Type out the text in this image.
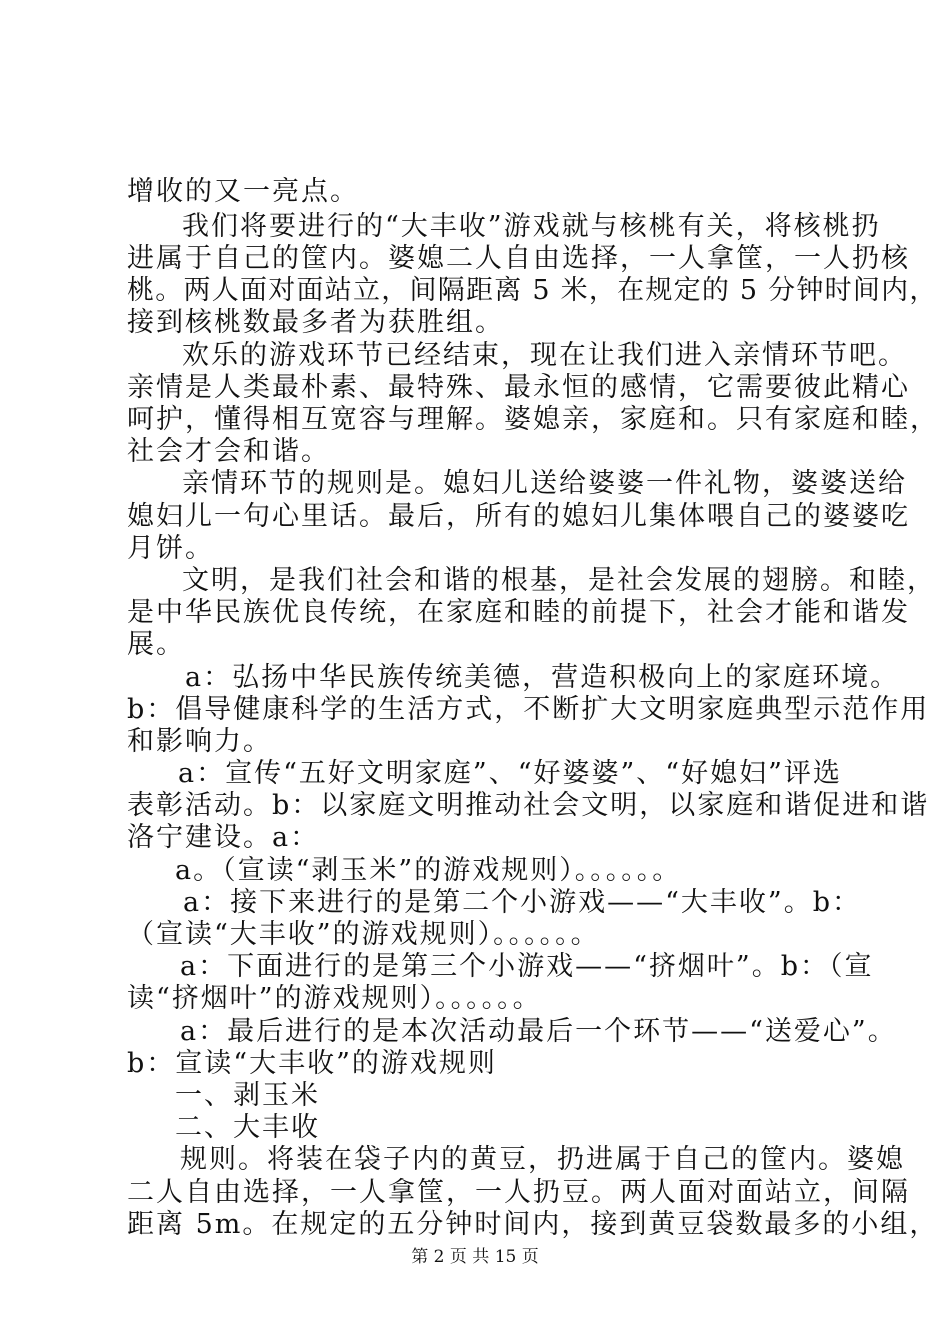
增收的又一亮点。

我们将要进行的“大丰收”游戏就与核桃有关，将核桃扔

进属于自己的筐内。婆媳二人自由选择，一人拿筐，一人扔核

桃。两人面对面站立，间隔距离 5 米，在规定的 5 分钟时间内，

接到核桃数最多者为获胜组。

欢乐的游戏环节已经结束，现在让我们进入亲情环节吧。

亲情是人类最朴素、最特殊、最永恒的感情，它需要彼此精心

呵护，懂得相互宽容与理解。婆媳亲，家庭和。只有家庭和睦，

社会才会和谐。

亲情环节的规则是。媳妇儿送给婆婆一件礼物，婆婆送给

媳妇儿一句心里话。最后，所有的媳妇儿集体喂自己的婆婆吃

月饼。

文明，是我们社会和谐的根基，是社会发展的翅膀。和睦，

是中华民族优良传统，在家庭和睦的前提下，社会才能和谐发

展。

a：弘扬中华民族传统美德，营造积极向上的家庭环境。

b：倡导健康科学的生活方式，不断扩大文明家庭典型示范作用

和影响力。

a：宣传“五好文明家庭”、“好婆婆”、“好媳妇”评选

表彰活动。b：以家庭文明推动社会文明，以家庭和谐促进和谐

洛宁建设。a：

a。（宣读“剥玉米”的游戏规则）。。。。。。

a：接下来进行的是第二个小游戏——“大丰收”。b：

（宣读“大丰收”的游戏规则）。。。。。。

a：下面进行的是第三个小游戏——“挤烟叶”。b：（宣

读“挤烟叶”的游戏规则）。。。。。。

a：最后进行的是本次活动最后一个环节——“送爱心”。

b：宣读“大丰收”的游戏规则

一、剥玉米

二、大丰收

规则。将装在袋子内的黄豆，扔进属于自己的筐内。婆媳

二人自由选择，一人拿筐，一人扔豆。两人面对面站立，间隔

距离 5m。在规定的五分钟时间内，接到黄豆袋数最多的小组，

第 2 页 共 15 页
